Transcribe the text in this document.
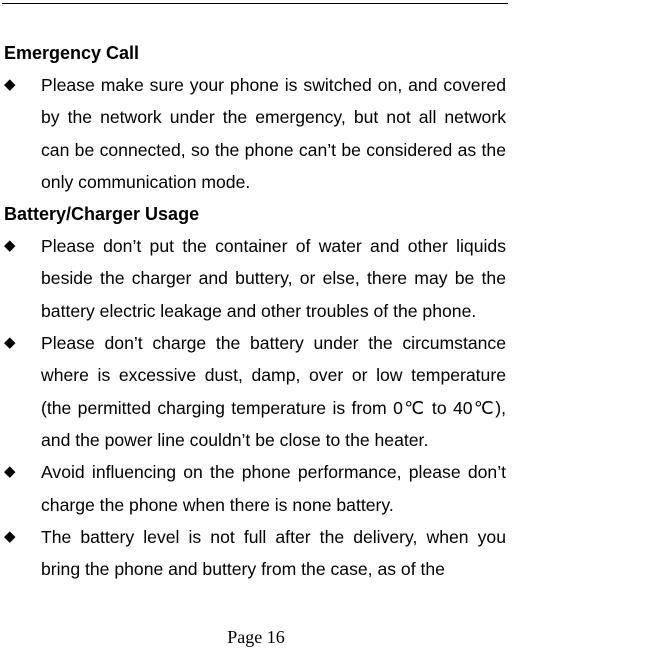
Emergency Call
◆ Please make sure your phone is switched on, and covered by the network under the emergency, but not all network can be connected, so the phone can’t be considered as the only communication mode.
Battery/Charger Usage
◆ Please don’t put the container of water and other liquids beside the charger and buttery, or else, there may be the battery electric leakage and other troubles of the phone.
◆ Please don’t charge the battery under the circumstance where is excessive dust, damp, over or low temperature (the permitted charging temperature is from 0℃ to 40℃), and the power line couldn’t be close to the heater.
◆ Avoid influencing on the phone performance, please don’t charge the phone when there is none battery.
◆ The battery level is not full after the delivery, when you bring the phone and buttery from the case, as of the
Page 16
